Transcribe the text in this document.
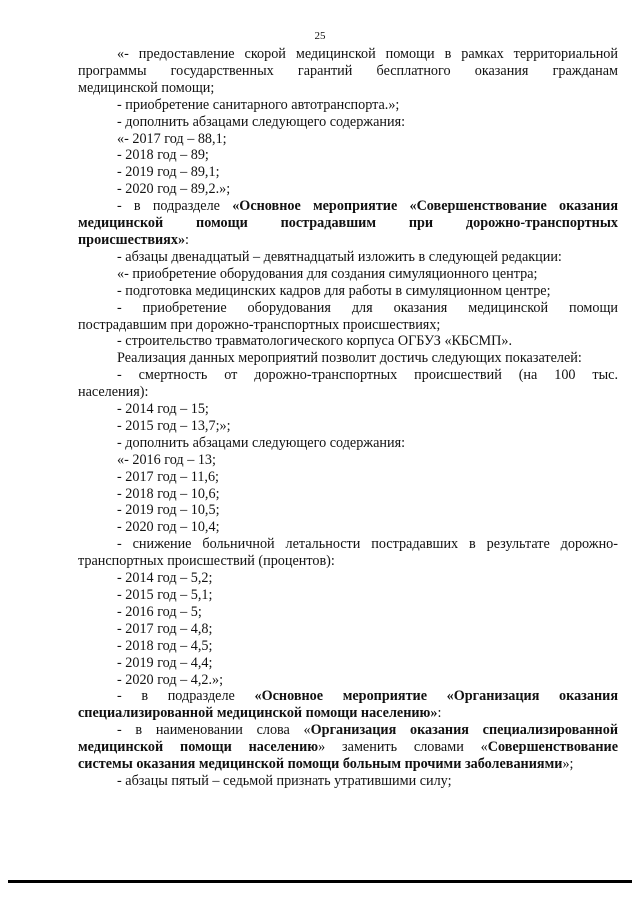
25

«- предоставление скорой медицинской помощи в рамках территориальной

программы государственных гарантий бесплатного оказания гражданам

медицинской помощи;

- приобретение санитарного автотранспорта.»;

- дополнить абзацами следующего содержания:

«- 2017 год – 88,1;

- 2018 год – 89;

- 2019 год – 89,1;

- 2020 год – 89,2.»;

- в подразделе «Основное мероприятие «Совершенствование оказания

медицинской помощи пострадавшим при дорожно-транспортных

происшествиях»:

- абзацы двенадцатый – девятнадцатый изложить в следующей редакции:

«- приобретение оборудования для создания симуляционного центра;

- подготовка медицинских кадров для работы в симуляционном центре;

- приобретение оборудования для оказания медицинской помощи

пострадавшим при дорожно-транспортных происшествиях;

- строительство травматологического корпуса ОГБУЗ «КБСМП».

Реализация данных мероприятий позволит достичь следующих показателей:

- смертность от дорожно-транспортных происшествий (на 100 тыс.

населения):

- 2014 год – 15;

- 2015 год – 13,7;»;

- дополнить абзацами следующего содержания:

«- 2016 год – 13;

- 2017 год – 11,6;

- 2018 год – 10,6;

- 2019 год – 10,5;

- 2020 год – 10,4;

- снижение больничной летальности пострадавших в результате дорожно-

транспортных происшествий (процентов):

- 2014 год – 5,2;

- 2015 год – 5,1;

- 2016 год – 5;

- 2017 год – 4,8;

- 2018 год – 4,5;

- 2019 год – 4,4;

- 2020 год – 4,2.»;

- в подразделе «Основное мероприятие «Организация оказания

специализированной медицинской помощи населению»:

- в наименовании слова «Организация оказания специализированной

медицинской помощи населению» заменить словами «Совершенствование

системы оказания медицинской помощи больным прочими заболеваниями»;

- абзацы пятый – седьмой признать утратившими силу;
